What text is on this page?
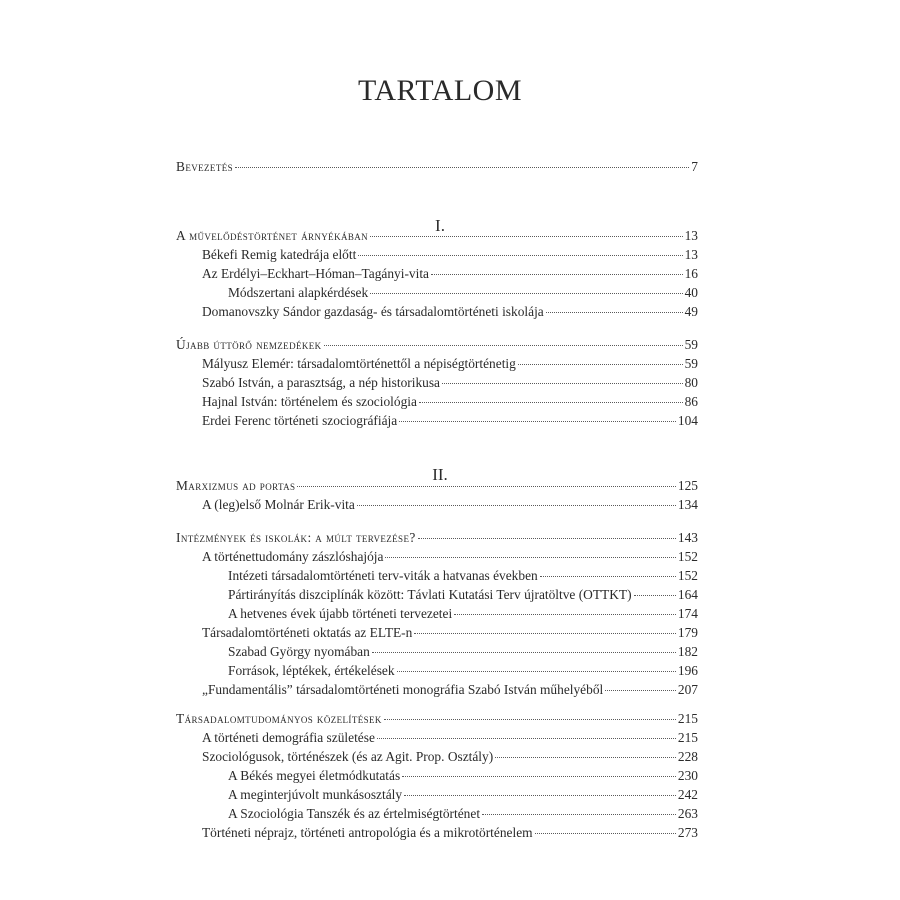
TARTALOM
I.
II.
Bevezetés	7
A művelődéstörténet árnyékában	13
Békefi Remig katedrája előtt	13
Az Erdélyi–Eckhart–Hóman–Tagányi-vita	16
Módszertani alapkérdések	40
Domanovszky Sándor gazdaság- és társadalomtörténeti iskolája	49
Újabb úttörő nemzedékek	59
Mályusz Elemér: társadalomtörténettől a népiségtörténetig	59
Szabó István, a parasztság, a nép historikusa	80
Hajnal István: történelem és szociológia	86
Erdei Ferenc történeti szociográfiája	104
Marxizmus ad portas	125
A (leg)első Molnár Erik-vita	134
Intézmények és iskolák: a múlt tervezése?	143
A történettudomány zászlóshajója	152
Intézeti társadalomtörténeti terv-viták a hatvanas években	152
Pártirányítás diszciplínák között: Távlati Kutatási Terv újratöltve (OTTKT)	164
A hetvenes évek újabb történeti tervezetei	174
Társadalomtörténeti oktatás az ELTE-n	179
Szabad György nyomában	182
Források, léptékek, értékelések	196
„Fundamentális” társadalomtörténeti monográfia Szabó István műhelyéből	207
Társadalomtudományos közelítések	215
A történeti demográfia születése	215
Szociológusok, történészek (és az Agit. Prop. Osztály)	228
A Békés megyei életmódkutatás	230
A meginterjúvolt munkásosztály	242
A Szociológia Tanszék és az értelmiségtörténet	263
Történeti néprajz, történeti antropológia és a mikrotörténelem	273
